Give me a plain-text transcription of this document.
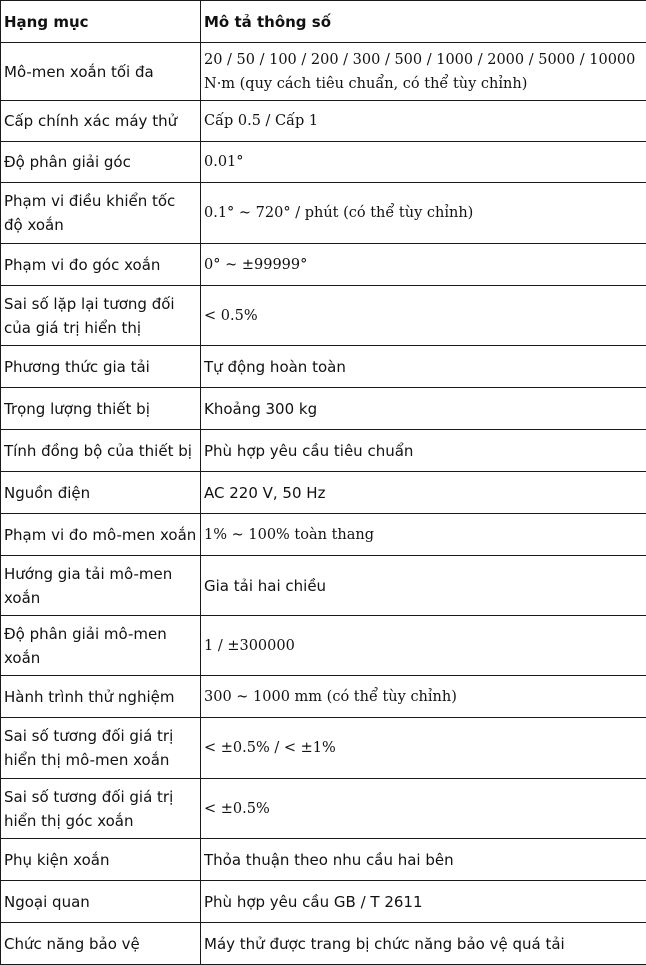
Hạng mục	Mô tả thông số
Mô-men xoắn tối đa	20 / 50 / 100 / 200 / 300 / 500 / 1000 / 2000 / 5000 / 10000 N·m (quy cách tiêu chuẩn, có thể tùy chỉnh)
Cấp chính xác máy thử	Cấp 0.5 / Cấp 1
Độ phân giải góc	0.01°
Phạm vi điều khiển tốc độ xoắn	0.1° ~ 720° / phút (có thể tùy chỉnh)
Phạm vi đo góc xoắn	0° ~ ±99999°
Sai số lặp lại tương đối của giá trị hiển thị	< 0.5%
Phương thức gia tải	Tự động hoàn toàn
Trọng lượng thiết bị	Khoảng 300 kg
Tính đồng bộ của thiết bị	Phù hợp yêu cầu tiêu chuẩn
Nguồn điện	AC 220 V, 50 Hz
Phạm vi đo mô-men xoắn	1% ~ 100% toàn thang
Hướng gia tải mô-men xoắn	Gia tải hai chiều
Độ phân giải mô-men xoắn	1 / ±300000
Hành trình thử nghiệm	300 ~ 1000 mm (có thể tùy chỉnh)
Sai số tương đối giá trị hiển thị mô-men xoắn	< ±0.5% / < ±1%
Sai số tương đối giá trị hiển thị góc xoắn	< ±0.5%
Phụ kiện xoắn	Thỏa thuận theo nhu cầu hai bên
Ngoại quan	Phù hợp yêu cầu GB / T 2611
Chức năng bảo vệ	Máy thử được trang bị chức năng bảo vệ quá tải
